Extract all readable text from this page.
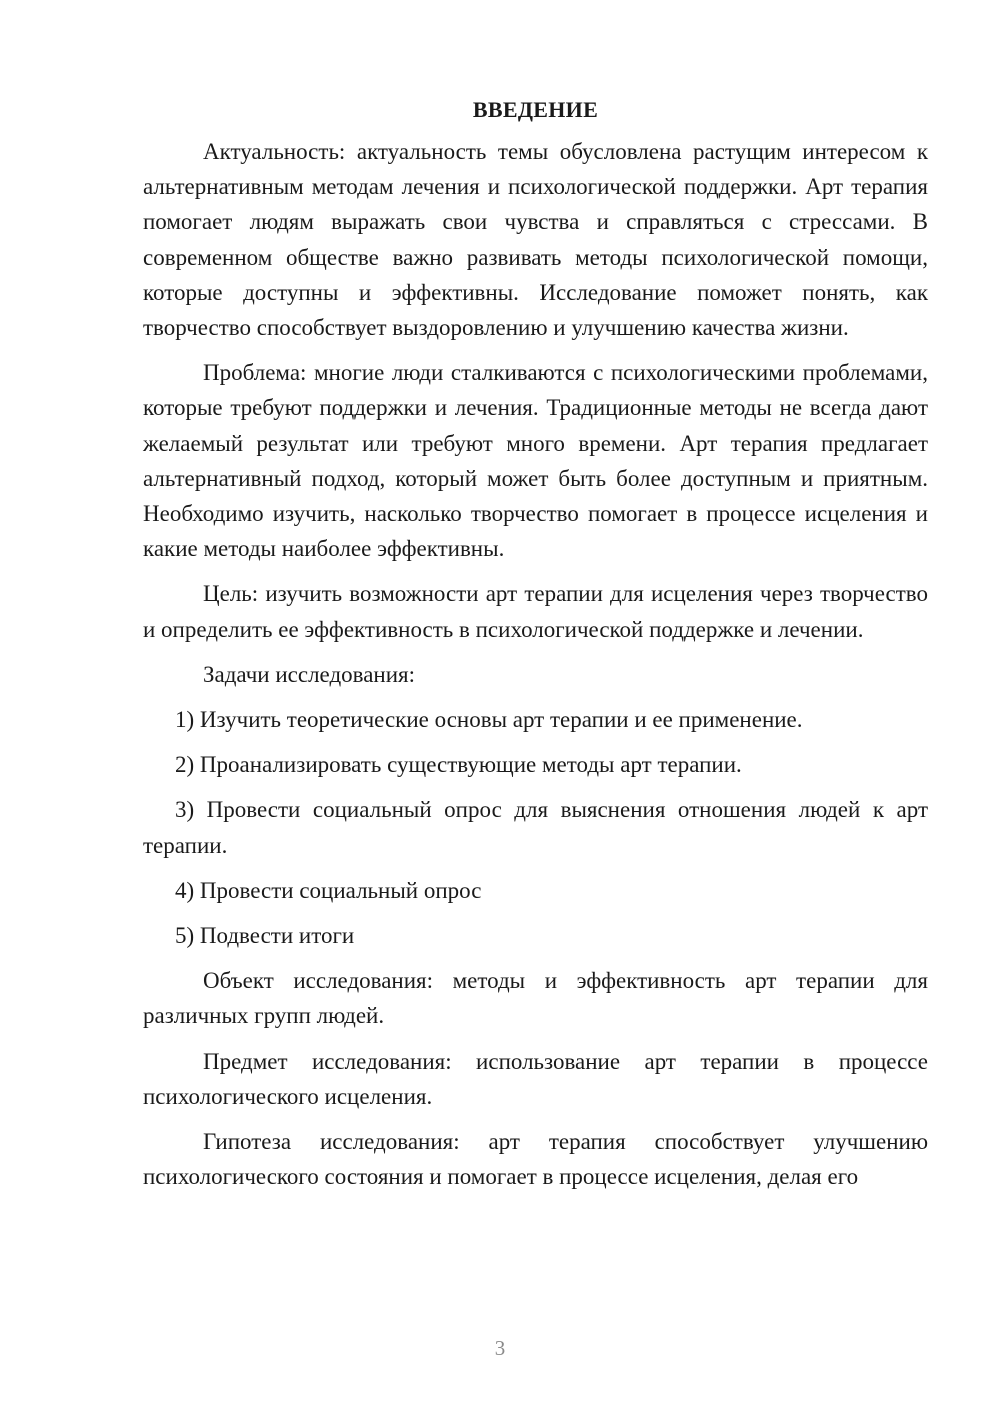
ВВЕДЕНИЕ

Актуальность: актуальность темы обусловлена растущим интересом к альтернативным методам лечения и психологической поддержки. Арт терапия помогает людям выражать свои чувства и справляться с стрессами. В современном обществе важно развивать методы психологической помощи, которые доступны и эффективны. Исследование поможет понять, как творчество способствует выздоровлению и улучшению качества жизни.

Проблема: многие люди сталкиваются с психологическими проблемами, которые требуют поддержки и лечения. Традиционные методы не всегда дают желаемый результат или требуют много времени. Арт терапия предлагает альтернативный подход, который может быть более доступным и приятным. Необходимо изучить, насколько творчество помогает в процессе исцеления и какие методы наиболее эффективны.

Цель: изучить возможности арт терапии для исцеления через творчество и определить ее эффективность в психологической поддержке и лечении.

Задачи исследования:

1) Изучить теоретические основы арт терапии и ее применение.

2) Проанализировать существующие методы арт терапии.

3) Провести социальный опрос для выяснения отношения людей к арт терапии.

4) Провести социальный опрос

5) Подвести итоги

Объект исследования: методы и эффективность арт терапии для различных групп людей.

Предмет исследования: использование арт терапии в процессе психологического исцеления.

Гипотеза исследования: арт терапия способствует улучшению психологического состояния и помогает в процессе исцеления, делая его

3
